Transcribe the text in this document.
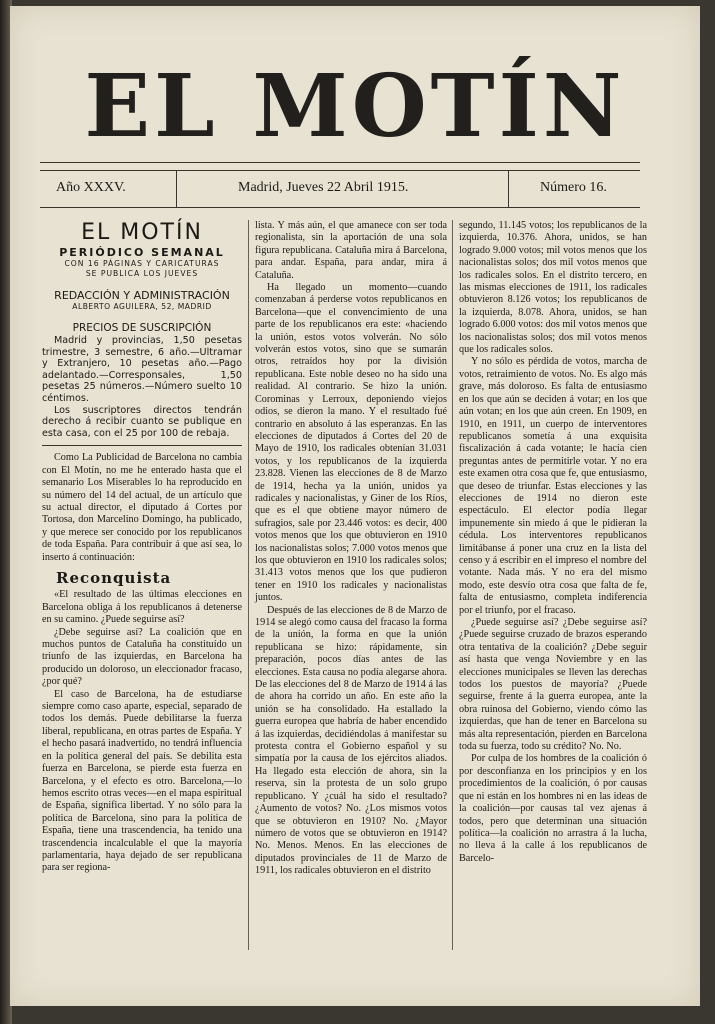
EL MOTÍN
Año XXXV.	Madrid, Jueves 22 Abril 1915.	Número 16.
EL MOTÍN
PERIÓDICO SEMANAL
CON 16 PÁGINAS Y CARICATURAS
SE PUBLICA LOS JUEVES
REDACCIÓN Y ADMINISTRACIÓN
ALBERTO AGUILERA, 52, MADRID
PRECIOS DE SUSCRIPCIÓN

Madrid y provincias, 1,50 pesetas trimestre, 3 semestre, 6 año.—Ultramar y Extranjero, 10 pesetas año.—Pago adelantado.—Corresponsales, 1,50 pesetas 25 números.—Número suelto 10 céntimos.

Los suscriptores directos tendrán derecho á recibir cuanto se publique en esta casa, con el 25 por 100 de rebaja.

Como La Publicidad de Barcelona no cambia con El Motín, no me he enterado hasta que el semanario Los Miserables lo ha reproducido en su número del 14 del actual, de un artículo que su actual director, el diputado á Cortes por Tortosa, don Marcelino Domingo, ha publicado, y que merece ser conocido por los republicanos de toda España. Para contribuir á que así sea, lo inserto á continuación:

Reconquista

«El resultado de las últimas elecciones en Barcelona obliga á los republicanos á detenerse en su camino. ¿Puede seguirse así?

¿Debe seguirse así? La coalición que en muchos puntos de Cataluña ha constituído un triunfo de las izquierdas, en Barcelona ha producido un doloroso, un eleccionador fracaso, ¿por qué?

El caso de Barcelona, ha de estudiarse siempre como caso aparte, especial, separado de todos los demás. Puede debilitarse la fuerza liberal, republicana, en otras partes de España. Y el hecho pasará inadvertido, no tendrá influencia en la política general del país. Se debilita esta fuerza en Barcelona, se pierde esta fuerza en Barcelona, y el efecto es otro. Barcelona,—lo hemos escrito otras veces—en el mapa espiritual de España, significa libertad. Y no sólo para la política de Barcelona, sino para la política de España, tiene una trascendencia, ha tenido una trascendencia incalculable el que la mayoría parlamentaria, haya dejado de ser republicana para ser regiona-

lista. Y más aún, el que amanece con ser toda regionalista, sin la aportación de una sola figura republicana. Cataluña mira á Barcelona, para andar. España, para andar, mira á Cataluña.

Ha llegado un momento—cuando comenzaban á perderse votos republicanos en Barcelona—que el convencimiento de una parte de los republicanos era este: «haciendo la unión, estos votos volverán. No sólo volverán estos votos, sino que se sumarán otros, retraídos hoy por la división republicana. Este noble deseo no ha sido una realidad. Al contrario. Se hizo la unión. Corominas y Lerroux, deponiendo viejos odios, se dieron la mano. Y el resultado fué contrario en absoluto á las esperanzas. En las elecciones de diputados á Cortes del 20 de Mayo de 1910, los radicales obtenían 31.031 votos, y los republicanos de la izquierda 23.828. Vienen las elecciones de 8 de Marzo de 1914, hecha ya la unión, unidos ya radicales y nacionalistas, y Giner de los Ríos, que es el que obtiene mayor número de sufragios, sale por 23.446 votos: es decir, 400 votos menos que los que obtuvieron en 1910 los nacionalistas solos; 7.000 votos menos que los que obtuvieron en 1910 los radicales solos; 31.413 votos menos que los que pudieron tener en 1910 los radicales y nacionalistas juntos.

Después de las elecciones de 8 de Marzo de 1914 se alegó como causa del fracaso la forma de la unión, la forma en que la unión republicana se hizo: rápidamente, sin preparación, pocos días antes de las elecciones. Esta causa no podía alegarse ahora. De las elecciones del 8 de Marzo de 1914 á las de ahora ha corrido un año. En este año la unión se ha consolidado. Ha estallado la guerra europea que habría de haber encendido á las izquierdas, decidiéndolas á manifestar su protesta contra el Gobierno español y su simpatía por la causa de los ejércitos aliados. Ha llegado esta elección de ahora, sin la reserva, sin la protesta de un solo grupo republicano. Y ¿cuál ha sido el resultado? ¿Aumento de votos? No. ¿Los mismos votos que se obtuvieron en 1910? No. ¿Mayor número de votos que se obtuvieron en 1914? No. Menos. Menos. En las elecciones de diputados provinciales de 11 de Marzo de 1911, los radicales obtuvieron en el distrito

segundo, 11.145 votos; los republicanos de la izquierda, 10.376. Ahora, unidos, se han logrado 9.000 votos; mil votos menos que los nacionalistas solos; dos mil votos menos que los radicales solos. En el distrito tercero, en las mismas elecciones de 1911, los radicales obtuvieron 8.126 votos; los republicanos de la izquierda, 8.078. Ahora, unidos, se han logrado 6.000 votos: dos mil votos menos que los nacionalistas solos; dos mil votos menos que los radicales solos.

Y no sólo es pérdida de votos, marcha de votos, retraimiento de votos. No. Es algo más grave, más doloroso. Es falta de entusiasmo en los que aún se deciden á votar; en los que aún votan; en los que aún creen. En 1909, en 1910, en 1911, un cuerpo de interventores republicanos sometía á una exquisita fiscalización á cada votante; le hacía cien preguntas antes de permitirle votar. Y no era este examen otra cosa que fe, que entusiasmo, que deseo de triunfar. Estas elecciones y las elecciones de 1914 no dieron este espectáculo. El elector podía llegar impunemente sin miedo á que le pidieran la cédula. Los interventores republicanos limitábanse á poner una cruz en la lista del censo y á escribir en el impreso el nombre del votante. Nada más. Y no era del mismo modo, este desvío otra cosa que falta de fe, falta de entusiasmo, completa indiferencia por el triunfo, por el fracaso.

¿Puede seguirse así? ¿Debe seguirse así? ¿Puede seguirse cruzado de brazos esperando otra tentativa de la coalición? ¿Debe seguir así hasta que venga Noviembre y en las elecciones municipales se lleven las derechas todos los puestos de mayoría? ¿Puede seguirse, frente á la guerra europea, ante la obra ruinosa del Gobierno, viendo cómo las izquierdas, que han de tener en Barcelona su más alta representación, pierden en Barcelona toda su fuerza, todo su crédito? No. No.

Por culpa de los hombres de la coalición ó por desconfianza en los principios y en los procedimientos de la coalición, ó por causas que ni están en los hombres ni en las ideas de la coalición—por causas tal vez ajenas á todos, pero que determinan una situación política—la coalición no arrastra á la lucha, no lleva á la calle á los republicanos de Barcelo-
